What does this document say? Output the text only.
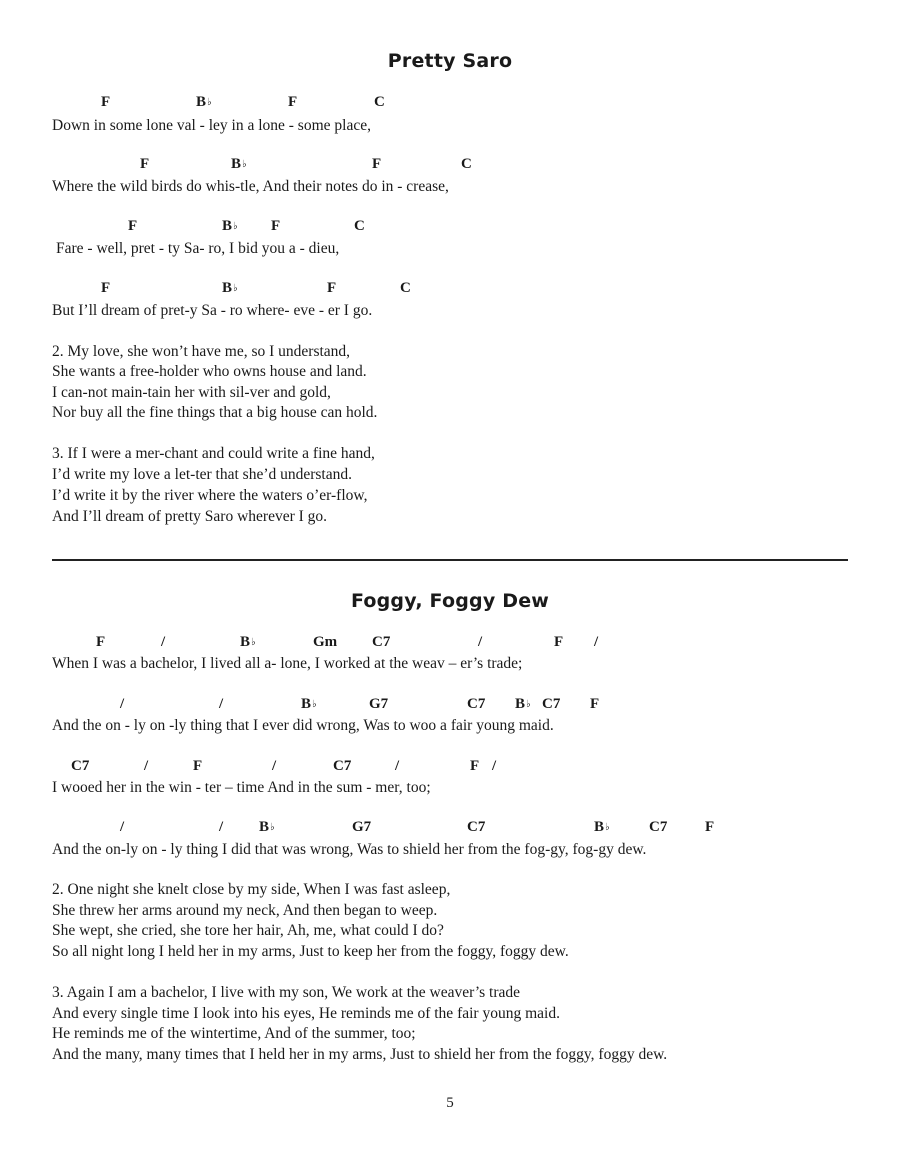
Pretty Saro
F	B♭	F	C
Down in some lone val - ley in a lone - some place,
F	B♭	F	C
Where the wild birds do whis-tle, And their notes do in - crease,
F	B♭ F	C
Fare - well, pret - ty Sa- ro, I bid you a - dieu,
F	B♭	F	C
But I’ll dream of pret-y Sa - ro where- eve - er I go.
2. My love, she won’t have me, so I understand,
She wants a free-holder who owns house and land.
I can-not main-tain her with sil-ver and gold,
Nor buy all the fine things that a big house can hold.
3. If I were a mer-chant and could write a fine hand,
I’d write my love a let-ter that she’d understand.
I’d write it by the river where the waters o’er-flow,
And I’ll dream of pretty Saro wherever I go.
Foggy, Foggy Dew
F	/	B♭	Gm C7	/	F /
When I was a bachelor, I lived all a- lone, I worked at the weav – er’s trade;
/	/	B♭	G7	C7 B♭ C7 F
And the on - ly on -ly thing that I ever did wrong, Was to woo a fair young maid.
C7	/	F	/	C7	/	F /
I wooed her in the win - ter – time And in the sum - mer, too;
/	/ B♭	G7	C7	B♭	C7	F
And the on-ly on - ly thing I did that was wrong, Was to shield her from the fog-gy, fog-gy dew.
2. One night she knelt close by my side, When I was fast asleep,
She threw her arms around my neck, And then began to weep.
She wept, she cried, she tore her hair, Ah, me, what could I do?
So all night long I held her in my arms, Just to keep her from the foggy, foggy dew.
3. Again I am a bachelor, I live with my son, We work at the weaver’s trade
And every single time I look into his eyes, He reminds me of the fair young maid.
He reminds me of the wintertime, And of the summer, too;
And the many, many times that I held her in my arms, Just to shield her from the foggy, foggy dew.
5
